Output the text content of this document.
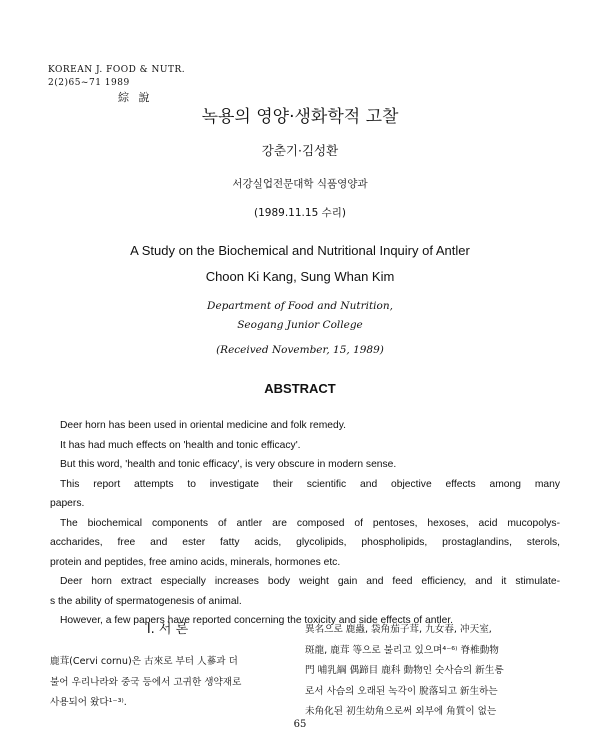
KOREAN J. FOOD & NUTR.
2(2)65~71 1989
綜 說
녹용의 영양·생화학적 고찰
강춘기·김성환
서강실업전문대학 식품영양과
(1989.11.15 수리)
A Study on the Biochemical and Nutritional Inquiry of Antler
Choon Ki Kang, Sung Whan Kim
Department of Food and Nutrition,
Seogang Junior College
(Received November, 15, 1989)
ABSTRACT

Deer horn has been used in oriental medicine and folk remedy.

It has had much effects on 'health and tonic efficacy'.

But this word, 'health and tonic efficacy', is very obscure in modern sense.

This report attempts to investigate their scientific and objective effects among many

papers.

The biochemical components of antler are composed of pentoses, hexoses, acid mucopolys-

accharides, free and ester fatty acids, glycolipids, phospholipids, prostaglandins, sterols,

protein and peptides, free amino acids, minerals, hormones etc.

Deer horn extract especially increases body weight gain and feed efficiency, and it stimulate-

s the ability of spermatogenesis of animal.

However, a few papers have reported concerning the toxicity and side effects of antler.

I. 서 론

鹿茸(Cervi cornu)은 古來로 부터 人蔘과 더

불어 우리나라와 중국 등에서 고귀한 생약재로

사용되어 왔다¹⁻³⁾.

異名으로 鹿蟲, 袋角茄子茸, 九女春, 冲天室,

斑龍, 鹿茸 等으로 불리고 있으며⁴⁻⁶⁾ 脊椎動物

門 哺乳綱 偶蹄目 鹿科 動物인 숫사슴의 新生롱

로서 사슴의 오래된 녹각이 脫落되고 新生하는

未角化된 初生幼角으로써 외부에 角質이 없는

65
